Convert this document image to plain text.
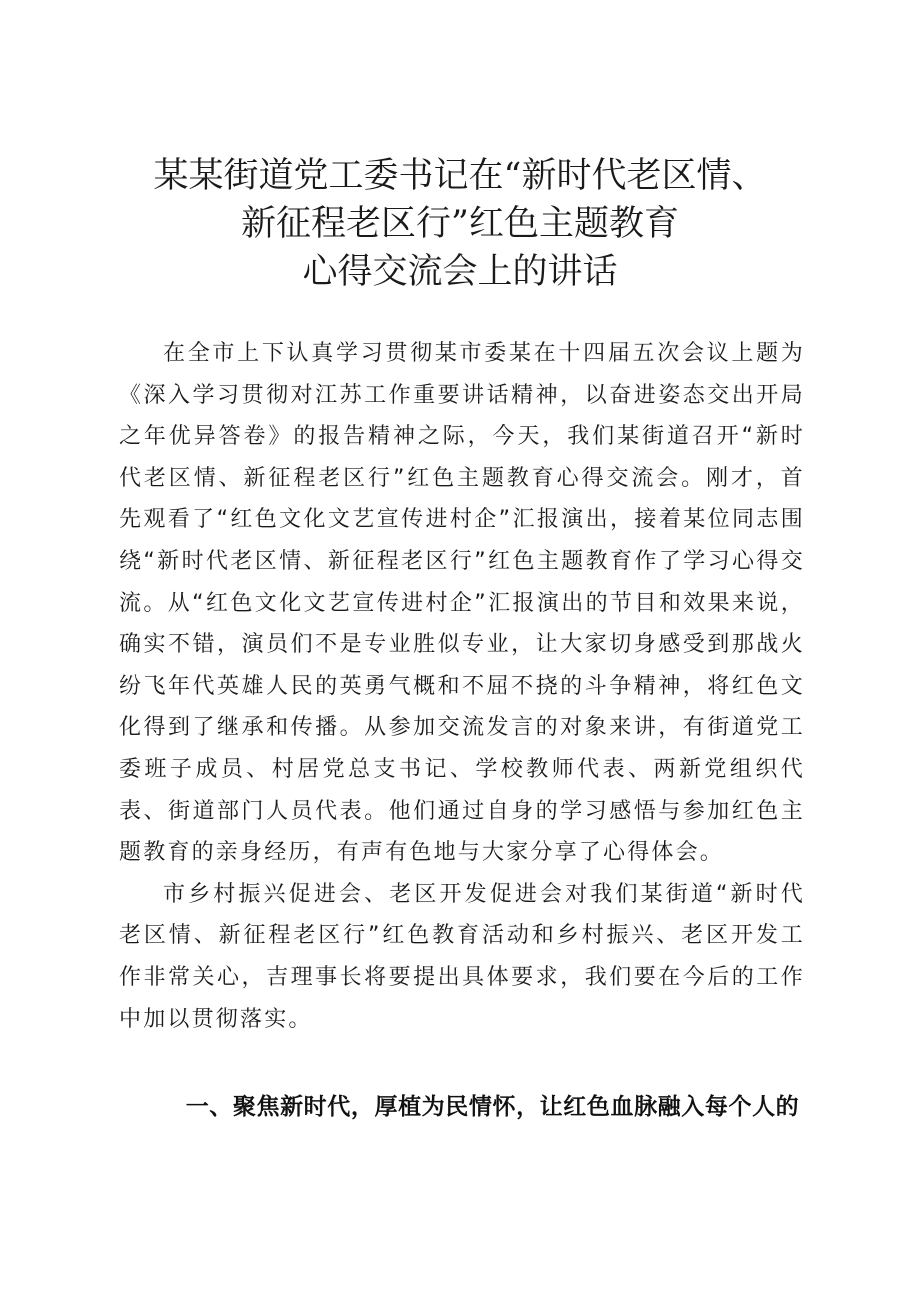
某某街道党工委书记在“新时代老区情、
新征程老区行”红色主题教育
心得交流会上的讲话

在全市上下认真学习贯彻某市委某在十四届五次会议上题为《深入学习贯彻对江苏工作重要讲话精神，以奋进姿态交出开局之年优异答卷》的报告精神之际，今天，我们某街道召开“新时代老区情、新征程老区行”红色主题教育心得交流会。刚才，首先观看了“红色文化文艺宣传进村企”汇报演出，接着某位同志围绕“新时代老区情、新征程老区行”红色主题教育作了学习心得交流。从“红色文化文艺宣传进村企”汇报演出的节目和效果来说，确实不错，演员们不是专业胜似专业，让大家切身感受到那战火纷飞年代英雄人民的英勇气概和不屈不挠的斗争精神，将红色文化得到了继承和传播。从参加交流发言的对象来讲，有街道党工委班子成员、村居党总支书记、学校教师代表、两新党组织代表、街道部门人员代表。他们通过自身的学习感悟与参加红色主题教育的亲身经历，有声有色地与大家分享了心得体会。

市乡村振兴促进会、老区开发促进会对我们某街道“新时代老区情、新征程老区行”红色教育活动和乡村振兴、老区开发工作非常关心，吉理事长将要提出具体要求，我们要在今后的工作中加以贯彻落实。

一、聚焦新时代，厚植为民情怀，让红色血脉融入每个人的
